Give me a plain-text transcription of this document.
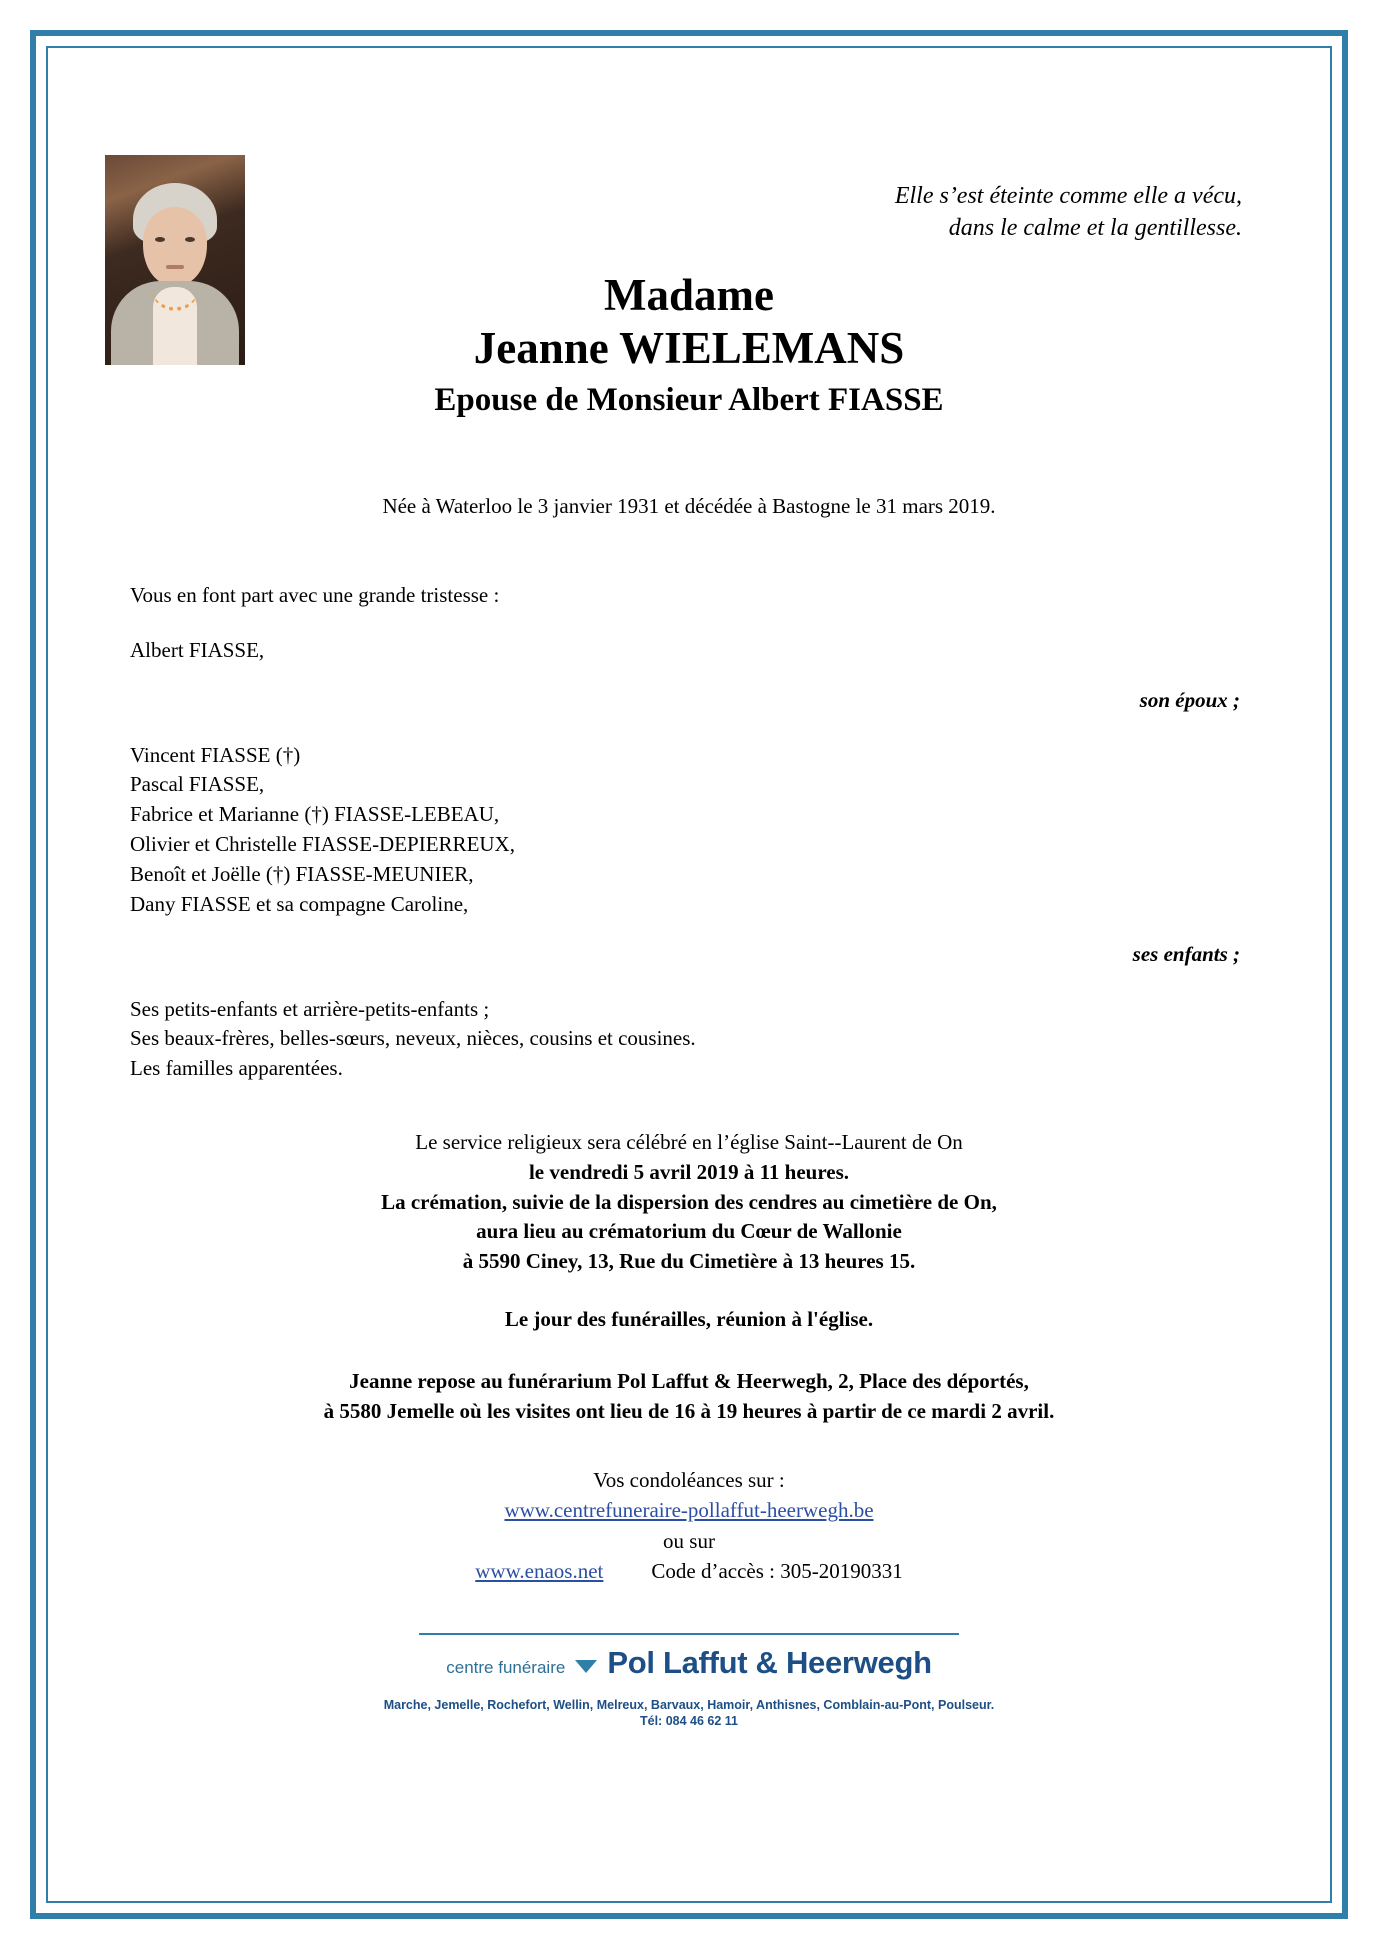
Elle s’est éteinte comme elle a vécu,
dans le calme et la gentillesse.
Madame
Jeanne WIELEMANS
Epouse de Monsieur Albert FIASSE
Née à Waterloo le 3 janvier 1931 et décédée à Bastogne le 31 mars 2019.
Vous en font part avec une grande tristesse :
Albert FIASSE,
son époux ;
Vincent FIASSE (†)
Pascal FIASSE,
Fabrice et Marianne (†) FIASSE-LEBEAU,
Olivier et Christelle FIASSE-DEPIERREUX,
Benoît et Joëlle (†) FIASSE-MEUNIER,
Dany FIASSE et sa compagne Caroline,
ses enfants ;
Ses petits-enfants et arrière-petits-enfants ;
Ses beaux-frères, belles-sœurs, neveux, nièces, cousins et cousines.
Les familles apparentées.
Le service religieux sera célébré en l’église Saint--Laurent de On
le vendredi 5 avril 2019 à 11 heures.
La crémation, suivie de la dispersion des cendres au cimetière de On,
aura lieu au crématorium du Cœur de Wallonie
à 5590 Ciney, 13, Rue du Cimetière à 13 heures 15.
Le jour des funérailles, réunion à l'église.
Jeanne repose au funérarium Pol Laffut & Heerwegh, 2, Place des déportés,
à 5580 Jemelle où les visites ont lieu de 16 à 19 heures à partir de ce mardi 2 avril.
Vos condoléances sur :
www.centrefuneraire-pollaffut-heerwegh.be
ou sur
www.enaos.net Code d’accès : 305-20190331
centre funéraire Pol Laffut & Heerwegh
Marche, Jemelle, Rochefort, Wellin, Melreux, Barvaux, Hamoir, Anthisnes, Comblain-au-Pont, Poulseur.
Tél: 084 46 62 11
